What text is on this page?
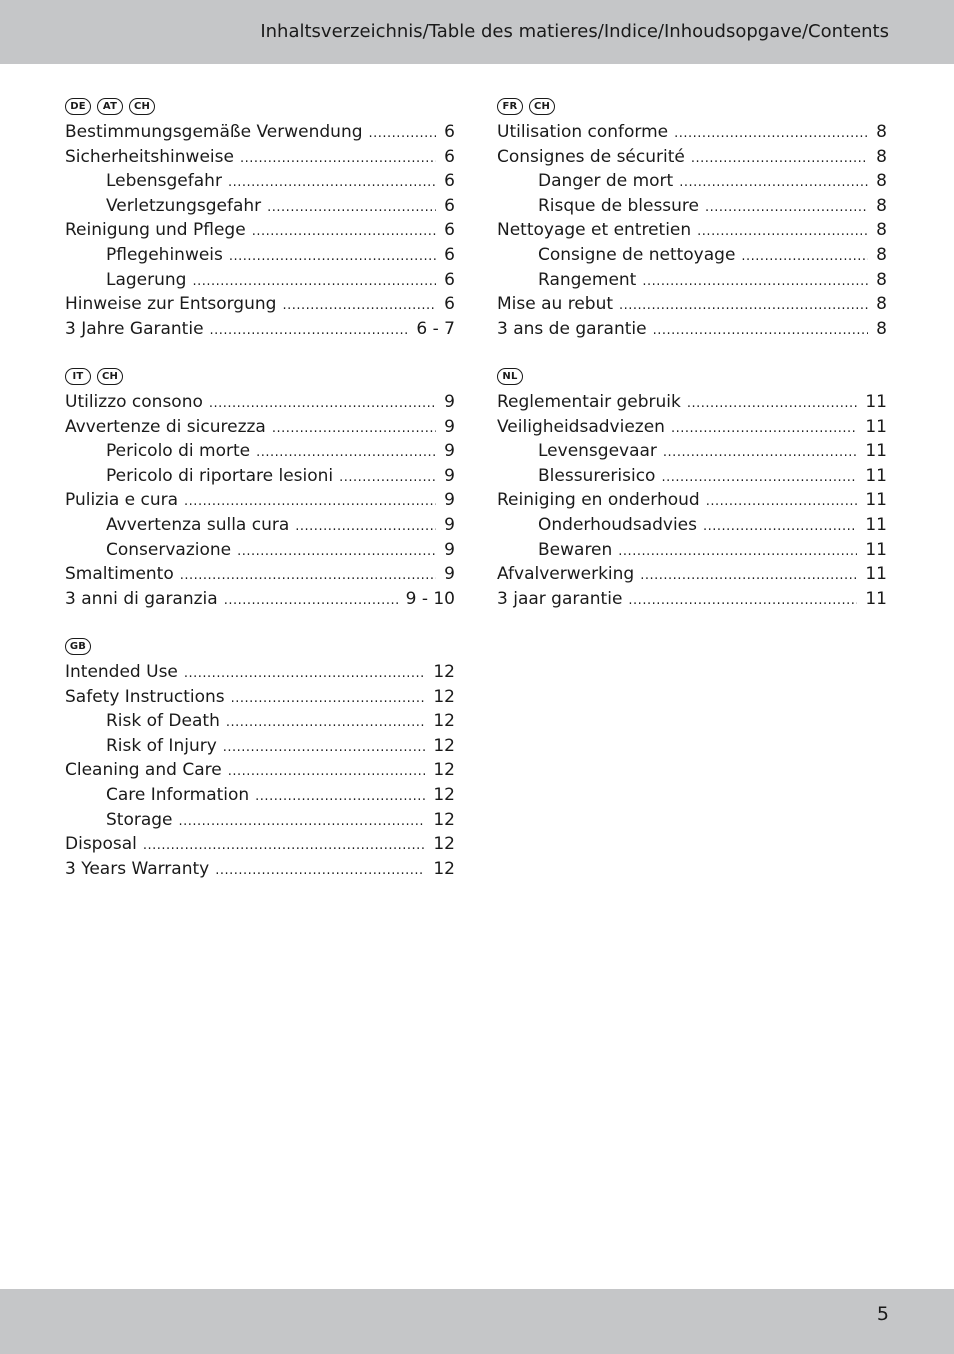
Inhaltsverzeichnis/Table des matieres/Indice/Inhoudsopgave/Contents
DE	AT	CH
Bestimmungsgemäße Verwendung .....	6
Sicherheitshinweise .....	6
Lebensgefahr .....	6
Verletzungsgefahr .....	6
Reinigung und Pflege .....	6
Pflegehinweis .....	6
Lagerung .....	6
Hinweise zur Entsorgung .....	6
3 Jahre Garantie .....	6 - 7
FR	CH
Utilisation conforme .....	8
Consignes de sécurité .....	8
Danger de mort .....	8
Risque de blessure .....	8
Nettoyage et entretien .....	8
Consigne de nettoyage .....	8
Rangement .....	8
Mise au rebut .....	8
3 ans de garantie .....	8
IT	CH
Utilizzo consono .....	9
Avvertenze di sicurezza .....	9
Pericolo di morte .....	9
Pericolo di riportare lesioni .....	9
Pulizia e cura .....	9
Avvertenza sulla cura .....	9
Conservazione .....	9
Smaltimento .....	9
3 anni di garanzia .....	9 - 10
NL
Reglementair gebruik .....	11
Veiligheidsadviezen .....	11
Levensgevaar .....	11
Blessurerisico .....	11
Reiniging en onderhoud .....	11
Onderhoudsadvies .....	11
Bewaren .....	11
Afvalverwerking .....	11
3 jaar garantie .....	11
GB
Intended Use .....	12
Safety Instructions .....	12
Risk of Death .....	12
Risk of Injury .....	12
Cleaning and Care .....	12
Care Information .....	12
Storage .....	12
Disposal .....	12
3 Years Warranty .....	12
5
